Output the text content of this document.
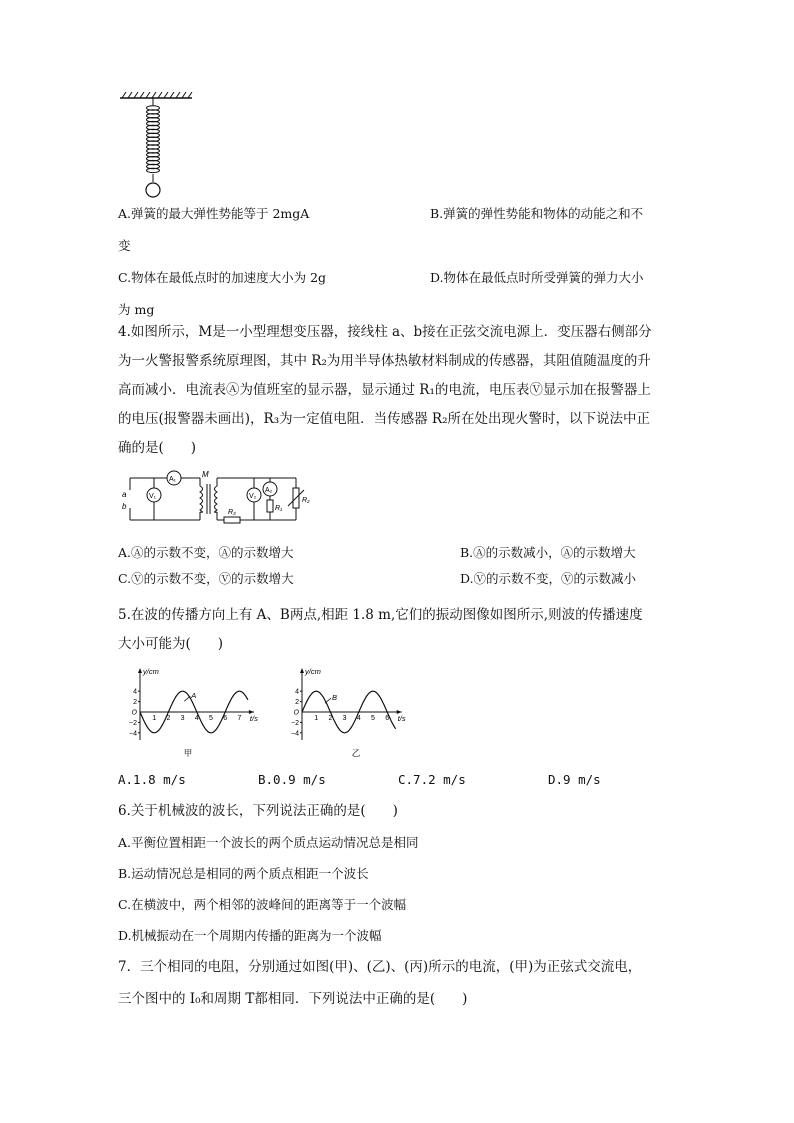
A.弹簧的最大弹性势能等于 2mgA	B.弹簧的弹性势能和物体的动能之和不
变
C.物体在最低点时的加速度大小为 2g	D.物体在最低点时所受弹簧的弹力大小
为 mg
4.如图所示，M是一小型理想变压器，接线柱 a、b接在正弦交流电源上．变压器右侧部分
为一火警报警系统原理图，其中 R₂为用半导体热敏材料制成的传感器，其阻值随温度的升
高而减小．电流表Ⓐ为值班室的显示器，显示通过 R₁的电流，电压表Ⓥ显示加在报警器上
的电压(报警器未画出)，R₃为一定值电阻．当传感器 R₂所在处出现火警时，以下说法中正
确的是(　　)
a
b
V₁
A₁
M
R₃
V₂
A₂
R₁
R₂
A.Ⓐ的示数不变，Ⓐ的示数增大	B.Ⓐ的示数减小，Ⓐ的示数增大
C.Ⓥ的示数不变，Ⓥ的示数增大	D.Ⓥ的示数不变，Ⓥ的示数减小
5.在波的传播方向上有 A、B两点,相距 1.8 m,它们的振动图像如图所示,则波的传播速度
大小可能为(　　)
y/cm
t/s
4
2
O
−2
−4
1 2 3 4 5 6 7
A
甲
y/cm
t/s
4
2
O
−2
−4
1 2 3 4 5 6
B
乙
A.1.8 m/s	B.0.9 m/s	C.7.2 m/s	D.9 m/s
6.关于机械波的波长，下列说法正确的是(　　)
A.平衡位置相距一个波长的两个质点运动情况总是相同
B.运动情况总是相同的两个质点相距一个波长
C.在横波中，两个相邻的波峰间的距离等于一个波幅
D.机械振动在一个周期内传播的距离为一个波幅
7．三个相同的电阻，分别通过如图(甲)、(乙)、(丙)所示的电流，(甲)为正弦式交流电，
三个图中的 I₀和周期 T都相同．下列说法中正确的是(　　)
